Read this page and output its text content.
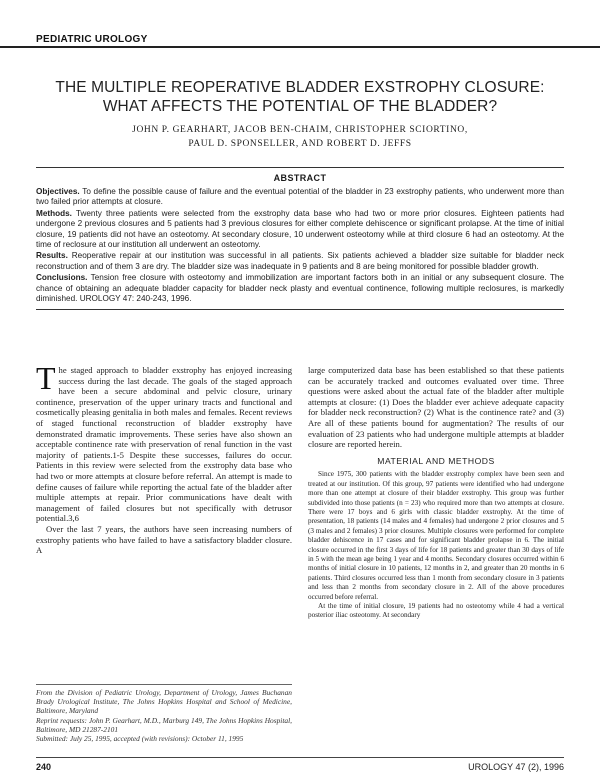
PEDIATRIC UROLOGY
THE MULTIPLE REOPERATIVE BLADDER EXSTROPHY CLOSURE:
WHAT AFFECTS THE POTENTIAL OF THE BLADDER?
JOHN P. GEARHART, JACOB BEN-CHAIM, CHRISTOPHER SCIORTINO,
PAUL D. SPONSELLER, AND ROBERT D. JEFFS
ABSTRACT

Objectives. To define the possible cause of failure and the eventual potential of the bladder in 23 exstrophy patients, who underwent more than two failed prior attempts at closure.

Methods. Twenty three patients were selected from the exstrophy data base who had two or more prior closures. Eighteen patients had undergone 2 previous closures and 5 patients had 3 previous closures for either complete dehiscence or significant prolapse. At the time of initial closure, 19 patients did not have an osteotomy. At secondary closure, 10 underwent osteotomy while at third closure 6 had an osteotomy. At the time of reclosure at our institution all underwent an osteotomy.

Results. Reoperative repair at our institution was successful in all patients. Six patients achieved a bladder size suitable for bladder neck reconstruction and of them 3 are dry. The bladder size was inadequate in 9 patients and 8 are being monitored for possible bladder growth.

Conclusions. Tension free closure with osteotomy and immobilization are important factors both in an initial or any subsequent closure. The chance of obtaining an adequate bladder capacity for bladder neck plasty and eventual continence, following multiple reclosures, is markedly diminished. UROLOGY 47: 240-243, 1996.

The staged approach to bladder exstrophy has enjoyed increasing success during the last decade. The goals of the staged approach have been a secure abdominal and pelvic closure, urinary continence, preservation of the upper urinary tracts and functional and cosmetically pleasing genitalia in both males and females. Recent reviews of staged functional reconstruction of bladder exstrophy have demonstrated dramatic improvements. These series have also shown an acceptable continence rate with preservation of renal function in the vast majority of patients.1-5 Despite these successes, failures do occur. Patients in this review were selected from the exstrophy data base who had two or more attempts at closure before referral. An attempt is made to define causes of failure while reporting the actual fate of the bladder after multiple attempts at repair. Prior communications have dealt with management of failed closures but not specifically with detrusor potential.3,6

Over the last 7 years, the authors have seen increasing numbers of exstrophy patients who have failed to have a satisfactory bladder closure. A

large computerized data base has been established so that these patients can be accurately tracked and outcomes evaluated over time. Three questions were asked about the actual fate of the bladder after multiple attempts at closure: (1) Does the bladder ever achieve adequate capacity for bladder neck reconstruction? (2) What is the continence rate? and (3) Are all of these patients bound for augmentation? The results of our evaluation of 23 patients who had undergone multiple attempts at bladder closure are reported herein.

MATERIAL AND METHODS

Since 1975, 300 patients with the bladder exstrophy complex have been seen and treated at our institution. Of this group, 97 patients were identified who had undergone more than one attempt at closure of their bladder exstrophy. This group was further subdivided into those patients (n = 23) who required more than two attempts at closure. There were 17 boys and 6 girls with classic bladder exstrophy. At the time of presentation, 18 patients (14 males and 4 females) had undergone 2 prior closures and 5 (3 males and 2 females) 3 prior closures. Multiple closures were performed for complete bladder dehiscence in 17 cases and for significant bladder prolapse in 6. The initial closure occurred in the first 3 days of life for 18 patients and greater than 30 days of life in 5 with the mean age being 1 year and 4 months. Secondary closures occurred within 6 months of initial closure in 10 patients, 12 months in 2, and greater than 20 months in 6 patients. Third closures occurred less than 1 month from secondary closure in 3 patients and less than 2 months from secondary closure in 2. All of the above procedures occurred before referral.

At the time of initial closure, 19 patients had no osteotomy while 4 had a vertical posterior iliac osteotomy. At secondary

From the Division of Pediatric Urology, Department of Urology, James Buchanan Brady Urological Institute, The Johns Hopkins Hospital and School of Medicine, Baltimore, Maryland

Reprint requests: John P. Gearhart, M.D., Marburg 149, The Johns Hopkins Hospital, Baltimore, MD 21287-2101

Submitted: July 25, 1995, accepted (with revisions): October 11, 1995

240	UROLOGY 47 (2), 1996
